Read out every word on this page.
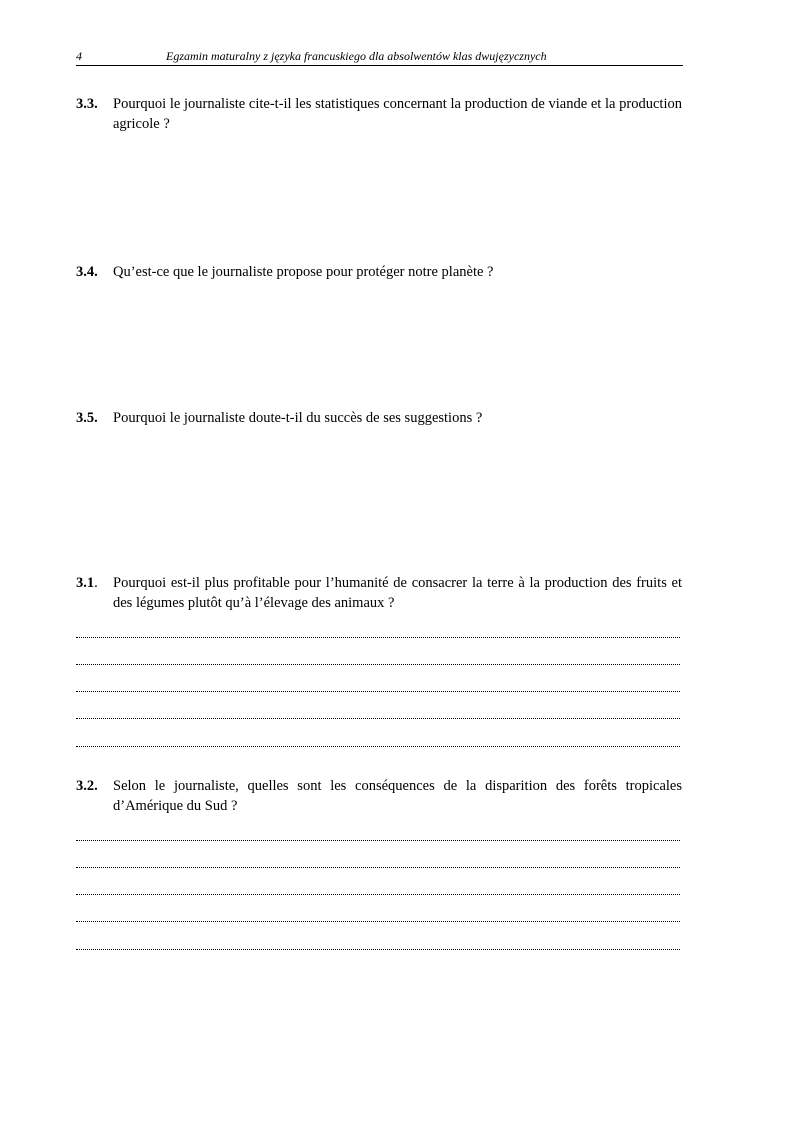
4	Egzamin maturalny z języka francuskiego dla absolwentów klas dwujęzycznych
3.3. Pourquoi le journaliste cite-t-il les statistiques concernant la production de viande et la production agricole ?
3.4. Qu’est-ce que le journaliste propose pour protéger notre planète ?
3.5. Pourquoi le journaliste doute-t-il du succès de ses suggestions ?
3.1. Pourquoi est-il plus profitable pour l’humanité de consacrer la terre à la production des fruits et des légumes plutôt qu’à l’élevage des animaux ?
3.2. Selon le journaliste, quelles sont les conséquences de la disparition des forêts tropicales d’Amérique du Sud ?
